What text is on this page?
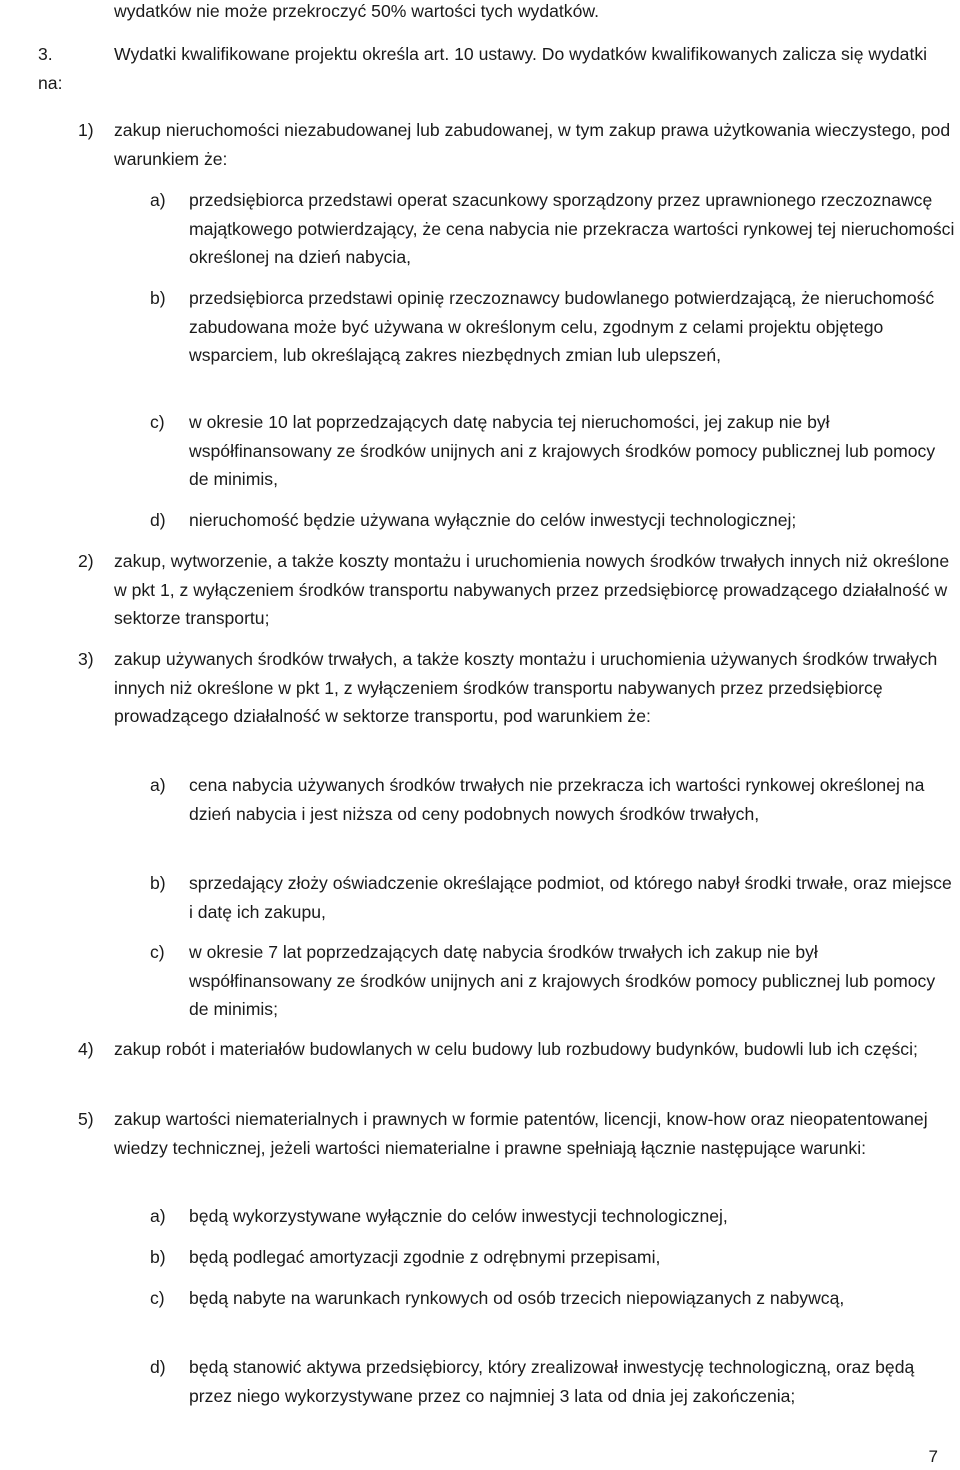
wydatków nie może przekroczyć 50% wartości tych wydatków.
3.	Wydatki kwalifikowane projektu określa art. 10 ustawy. Do wydatków kwalifikowanych zalicza się wydatki na:
1) zakup nieruchomości niezabudowanej lub zabudowanej, w tym zakup prawa użytkowania wieczystego, pod warunkiem że:
a) przedsiębiorca przedstawi operat szacunkowy sporządzony przez uprawnionego rzeczoznawcę majątkowego potwierdzający, że cena nabycia nie przekracza wartości rynkowej tej nieruchomości określonej na dzień nabycia,
b) przedsiębiorca przedstawi opinię rzeczoznawcy budowlanego potwierdzającą, że nieruchomość zabudowana może być używana w określonym celu, zgodnym z celami projektu objętego wsparciem, lub określającą zakres niezbędnych zmian lub ulepszeń,
c) w okresie 10 lat poprzedzających datę nabycia tej nieruchomości, jej zakup nie był współfinansowany ze środków unijnych ani z krajowych środków pomocy publicznej lub pomocy de minimis,
d) nieruchomość będzie używana wyłącznie do celów inwestycji technologicznej;
2) zakup, wytworzenie, a także koszty montażu i uruchomienia nowych środków trwałych innych niż określone w pkt 1, z wyłączeniem środków transportu nabywanych przez przedsiębiorcę prowadzącego działalność w sektorze transportu;
3) zakup używanych środków trwałych, a także koszty montażu i uruchomienia używanych środków trwałych innych niż określone w pkt 1, z wyłączeniem środków transportu nabywanych przez przedsiębiorcę prowadzącego działalność w sektorze transportu, pod warunkiem że:
a) cena nabycia używanych środków trwałych nie przekracza ich wartości rynkowej określonej na dzień nabycia i jest niższa od ceny podobnych nowych środków trwałych,
b) sprzedający złoży oświadczenie określające podmiot, od którego nabył środki trwałe, oraz miejsce i datę ich zakupu,
c) w okresie 7 lat poprzedzających datę nabycia środków trwałych ich zakup nie był współfinansowany ze środków unijnych ani z krajowych środków pomocy publicznej lub pomocy de minimis;
4) zakup robót i materiałów budowlanych w celu budowy lub rozbudowy budynków, budowli lub ich części;
5) zakup wartości niematerialnych i prawnych w formie patentów, licencji, know-how oraz nieopatentowanej wiedzy technicznej, jeżeli wartości niematerialne i prawne spełniają łącznie następujące warunki:
a) będą wykorzystywane wyłącznie do celów inwestycji technologicznej,
b) będą podlegać amortyzacji zgodnie z odrębnymi przepisami,
c) będą nabyte na warunkach rynkowych od osób trzecich niepowiązanych z nabywcą,
d) będą stanowić aktywa przedsiębiorcy, który zrealizował inwestycję technologiczną, oraz będą przez niego wykorzystywane przez co najmniej 3 lata od dnia jej zakończenia;
7
